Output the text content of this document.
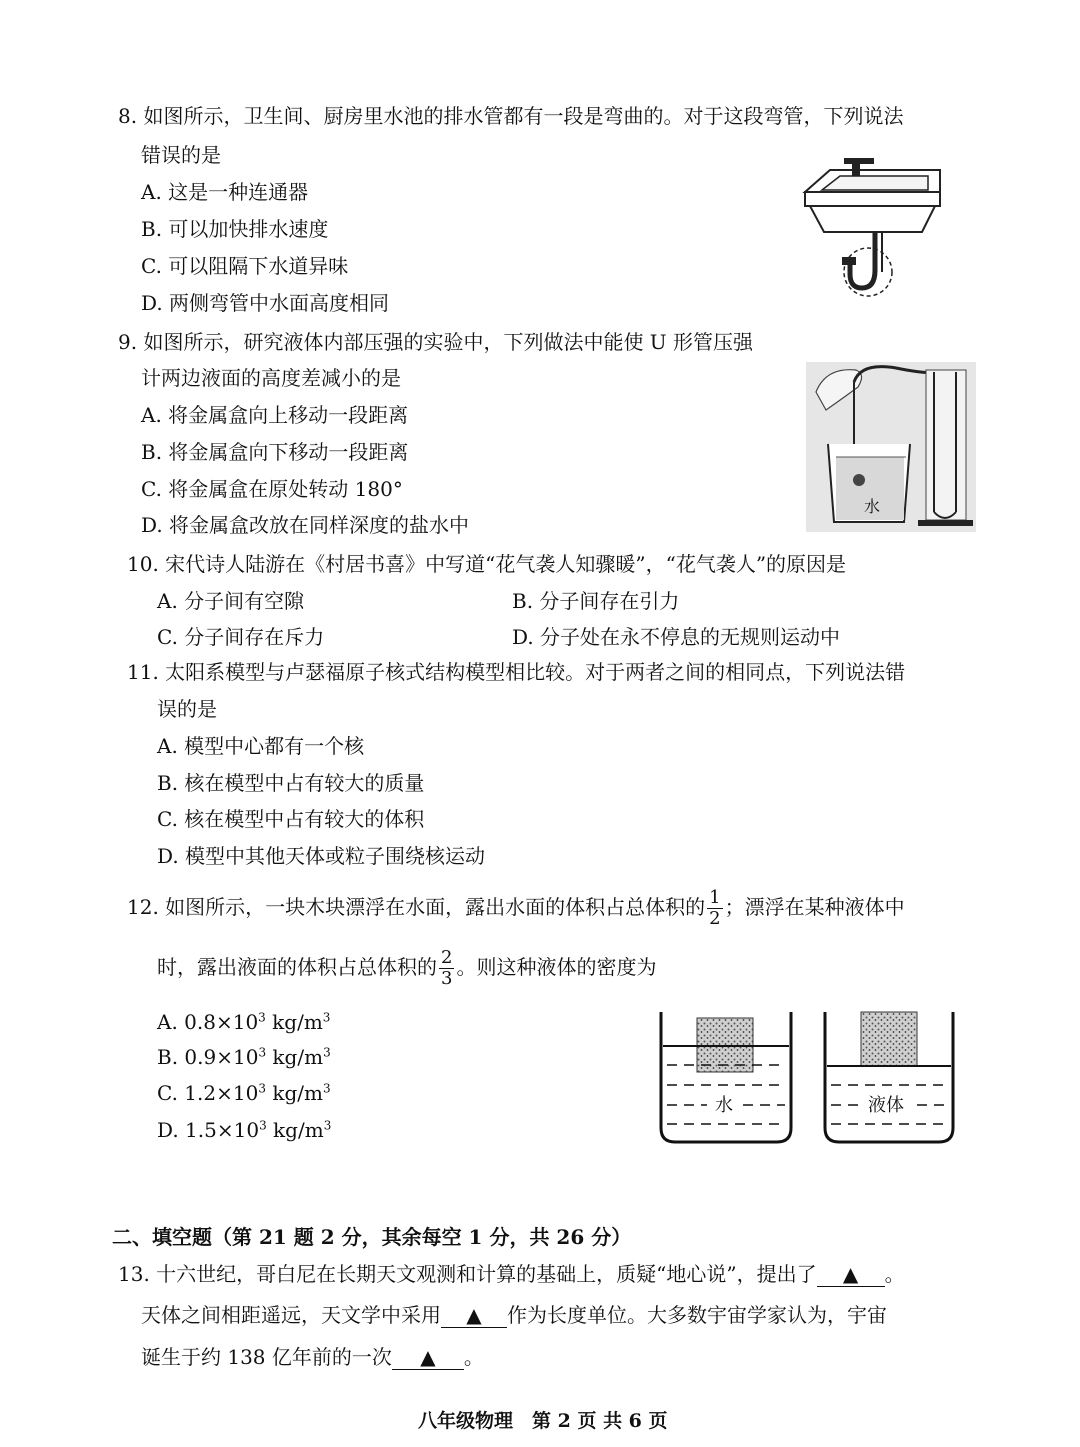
8. 如图所示，卫生间、厨房里水池的排水管都有一段是弯曲的。对于这段弯管，下列说法
错误的是
A. 这是一种连通器
B. 可以加快排水速度
C. 可以阻隔下水道异味
D. 两侧弯管中水面高度相同
9. 如图所示，研究液体内部压强的实验中，下列做法中能使 U 形管压强
计两边液面的高度差减小的是
A. 将金属盒向上移动一段距离
B. 将金属盒向下移动一段距离
C. 将金属盒在原处转动 180°
D. 将金属盒改放在同样深度的盐水中
水
10. 宋代诗人陆游在《村居书喜》中写道“花气袭人知骤暖”，“花气袭人”的原因是
A. 分子间有空隙	B. 分子间存在引力
C. 分子间存在斥力	D. 分子处在永不停息的无规则运动中
11. 太阳系模型与卢瑟福原子核式结构模型相比较。对于两者之间的相同点，下列说法错
误的是
A. 模型中心都有一个核
B. 核在模型中占有较大的质量
C. 核在模型中占有较大的体积
D. 模型中其他天体或粒子围绕核运动
12. 如图所示，一块木块漂浮在水面，露出水面的体积占总体积的 $\frac{1}{2}$ ；漂浮在某种液体中
时，露出液面的体积占总体积的 $\frac{2}{3}$ 。则这种液体的密度为
A. $0.8\times 10^3$ $kg/m^3$
B. $0.9\times 10^3$ $kg/m^3$
C. $1.2\times 10^3$ $kg/m^3$
D. $1.5\times 10^3$ $kg/m^3$
水	液体
二、填空题（第 21 题 2 分，其余每空 1 分，共 26 分）
13. 十六世纪，哥白尼在长期天文观测和计算的基础上，质疑“地心说”，提出了 ▲ 。
天体之间相距遥远，天文学中采用 ▲ 作为长度单位。大多数宇宙学家认为，宇宙
诞生于约 138 亿年前的一次 ▲ 。
八年级物理　第 2 页 共 6 页
